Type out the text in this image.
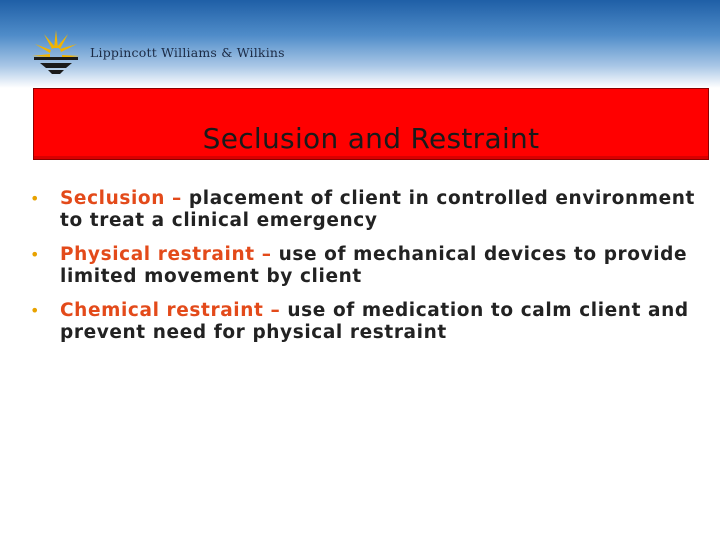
Lippincott Williams & Wilkins
Seclusion and Restraint
• Seclusion – placement of client in controlled environment to treat a clinical emergency
• Physical restraint – use of mechanical devices to provide limited movement by client
• Chemical restraint – use of medication to calm client and prevent need for physical restraint
